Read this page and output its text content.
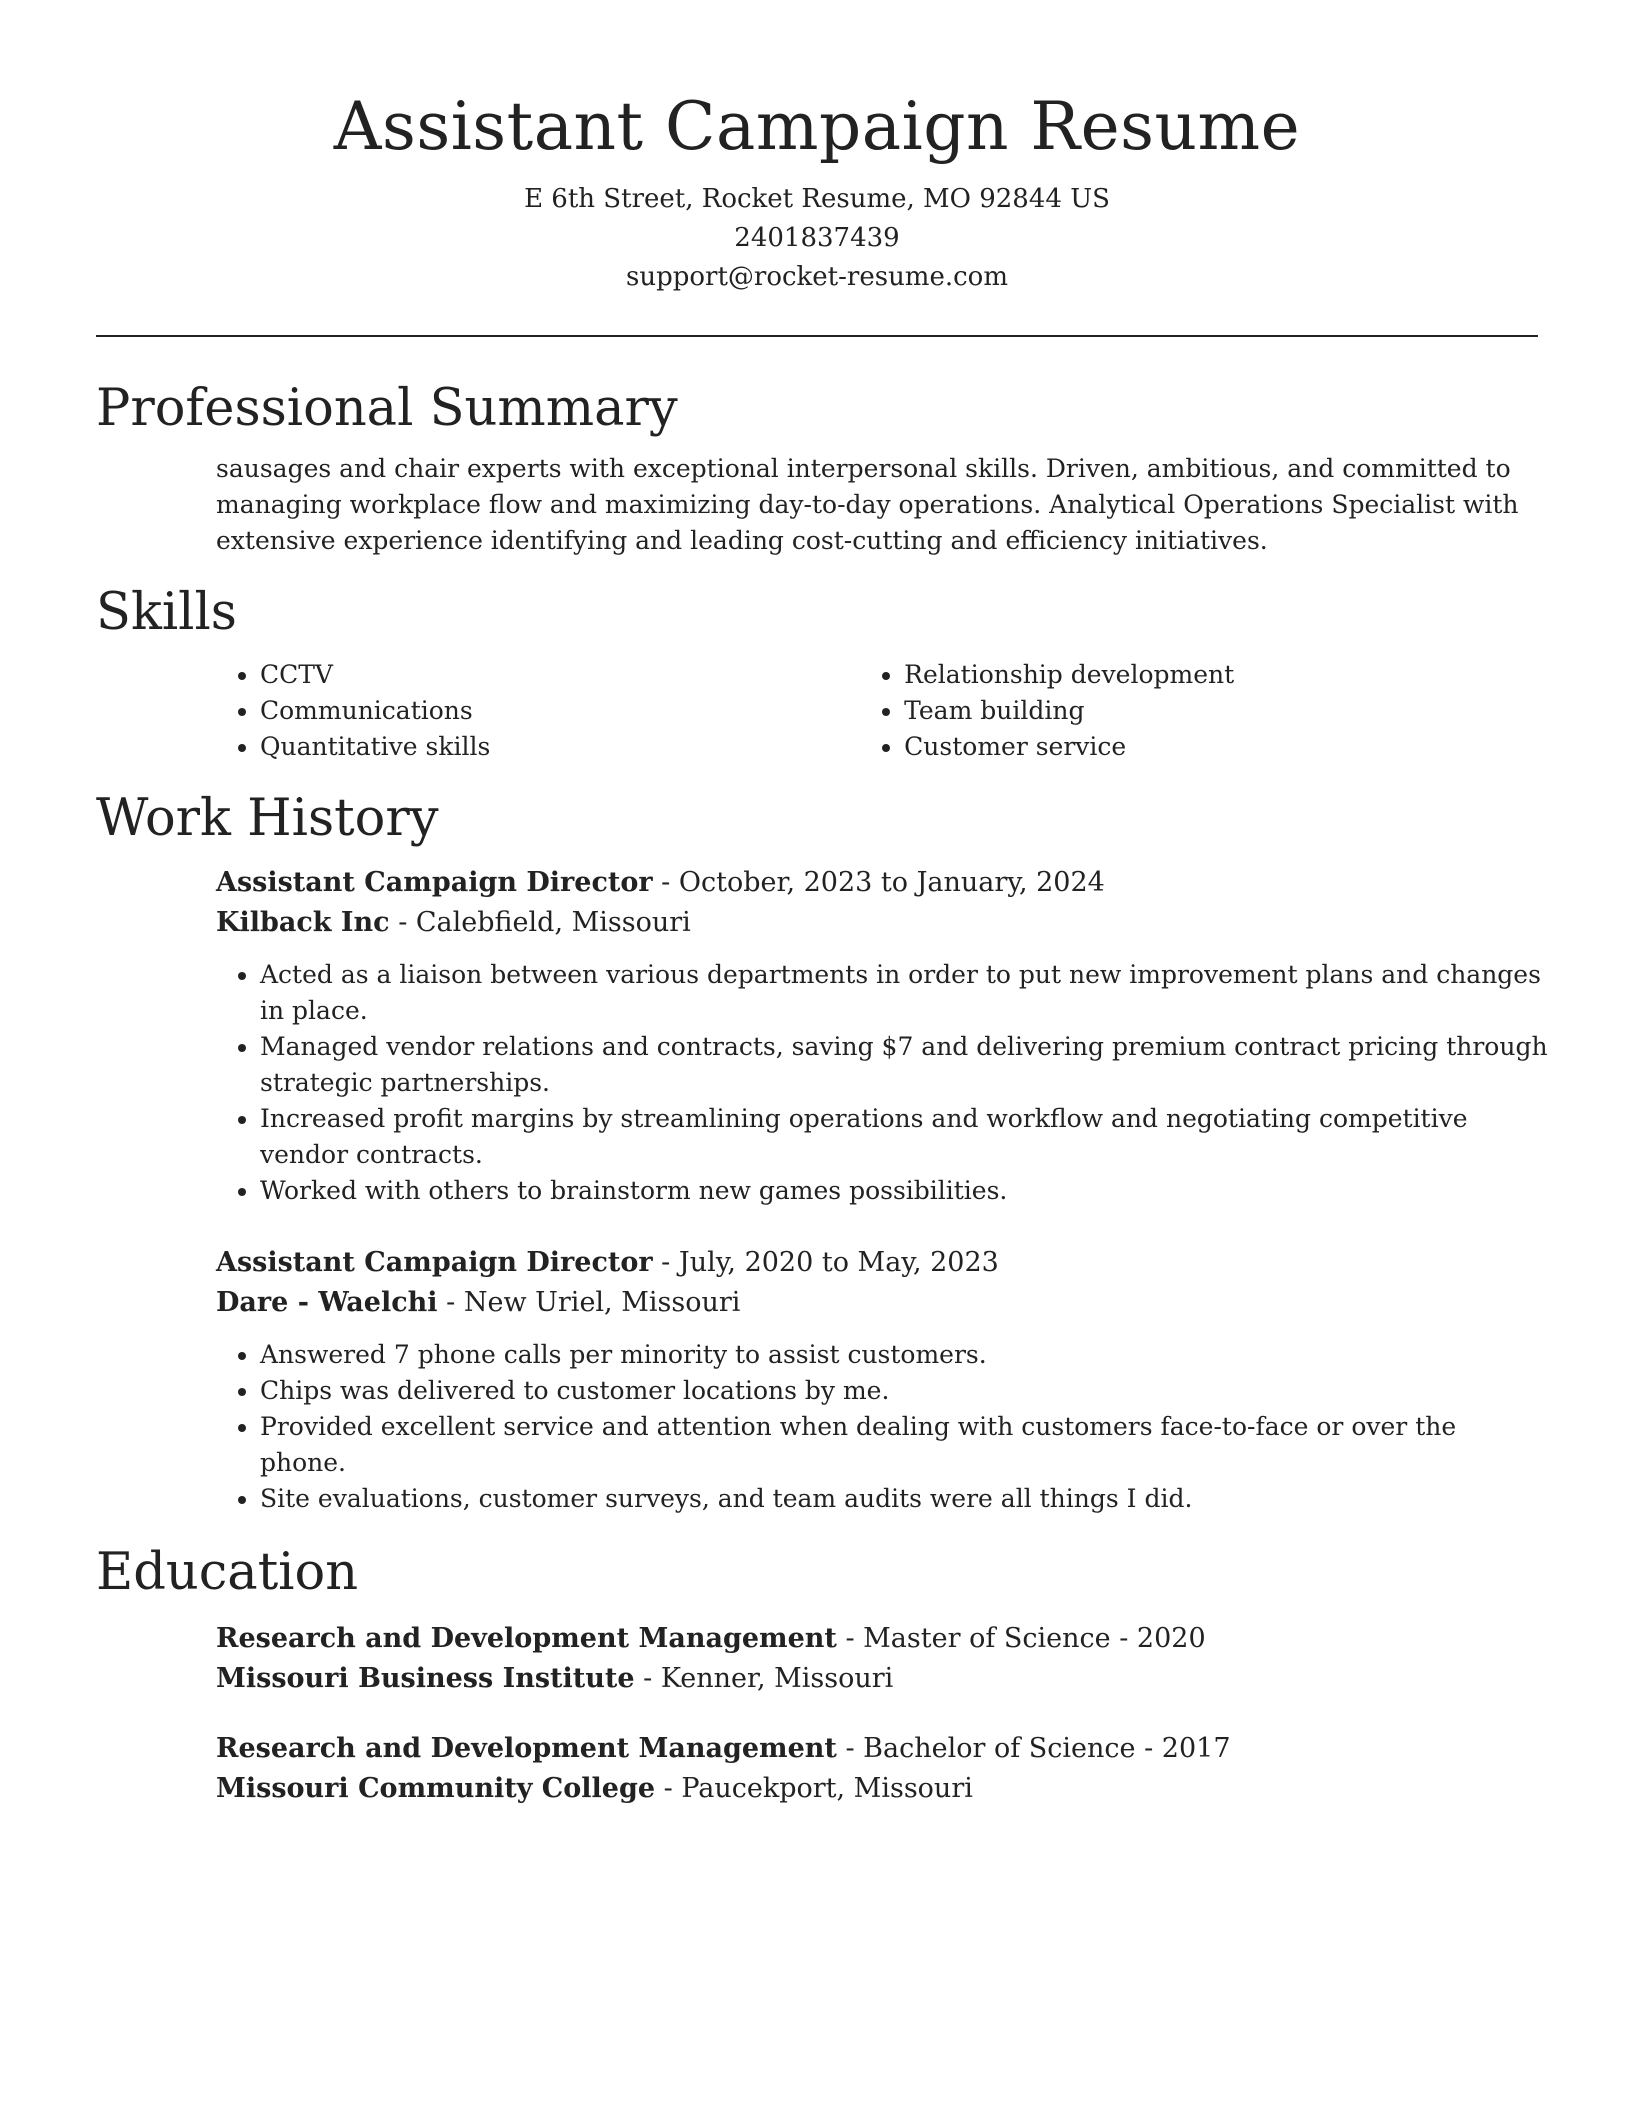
Assistant Campaign Resume
E 6th Street, Rocket Resume, MO 92844 US
2401837439
support@rocket-resume.com
Professional Summary

sausages and chair experts with exceptional interpersonal skills. Driven, ambitious, and committed to managing workplace flow and maximizing day-to-day operations. Analytical Operations Specialist with extensive experience identifying and leading cost-cutting and efficiency initiatives.

Skills
• CCTV
• Communications
• Quantitative skills
• Relationship development
• Team building
• Customer service
Work History
Assistant Campaign Director - October, 2023 to January, 2024
Kilback Inc - Calebfield, Missouri
• Acted as a liaison between various departments in order to put new improvement plans and changes in place.
• Managed vendor relations and contracts, saving $7 and delivering premium contract pricing through strategic partnerships.
• Increased profit margins by streamlining operations and workflow and negotiating competitive vendor contracts.
• Worked with others to brainstorm new games possibilities.
Assistant Campaign Director - July, 2020 to May, 2023
Dare - Waelchi - New Uriel, Missouri
• Answered 7 phone calls per minority to assist customers.
• Chips was delivered to customer locations by me.
• Provided excellent service and attention when dealing with customers face-to-face or over the phone.
• Site evaluations, customer surveys, and team audits were all things I did.
Education
Research and Development Management - Master of Science - 2020
Missouri Business Institute - Kenner, Missouri
Research and Development Management - Bachelor of Science - 2017
Missouri Community College - Paucekport, Missouri
